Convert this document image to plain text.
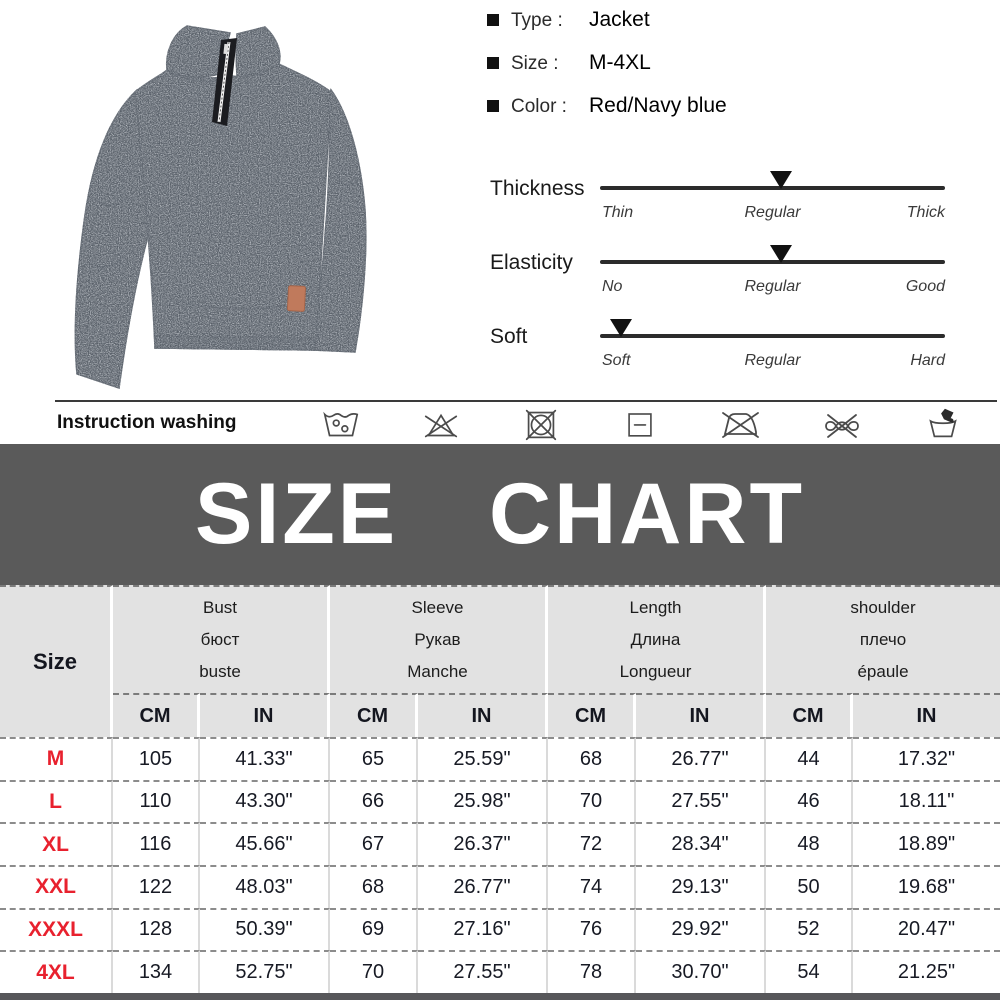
Type :	Jacket
Size :	M-4XL
Color :	Red/Navy blue
Thickness
Thin	Regular	Thick
Elasticity
No	Regular	Good
Soft
Soft	Regular	Hard
Instruction washing
SIZE CHART
Size
Bust
бюст
buste
Sleeve
Рукав
Manche
Length
Длина
Longueur
shoulder
плечо
épaule
CM	IN	CM	IN	CM	IN	CM	IN
M	105	41.33"	65	25.59"	68	26.77"	44	17.32"
L	110	43.30"	66	25.98"	70	27.55"	46	18.11"
XL	116	45.66"	67	26.37"	72	28.34"	48	18.89"
XXL	122	48.03"	68	26.77"	74	29.13"	50	19.68"
XXXL	128	50.39"	69	27.16"	76	29.92"	52	20.47"
4XL	134	52.75"	70	27.55"	78	30.70"	54	21.25"
